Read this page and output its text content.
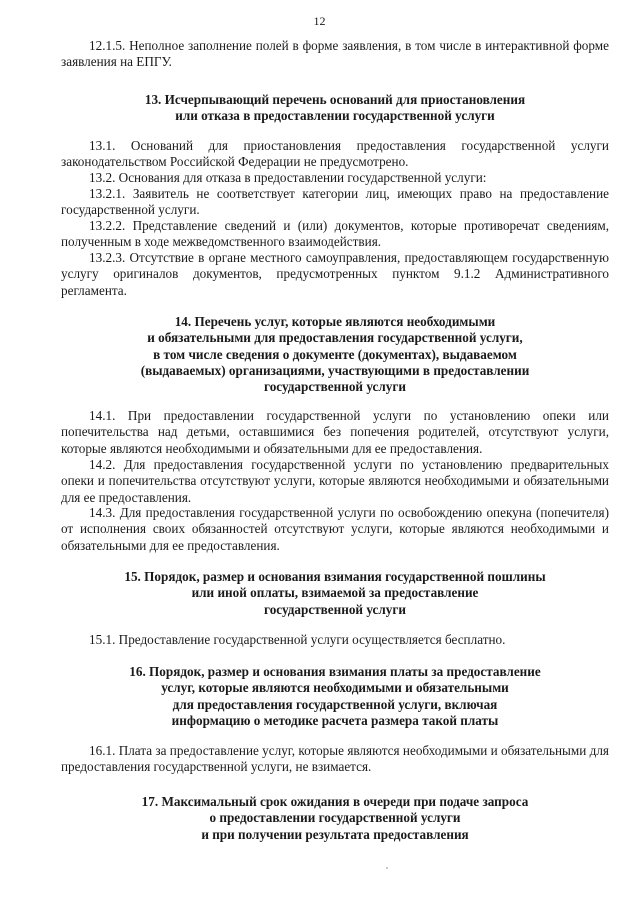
12

12.1.5. Неполное заполнение полей в форме заявления, в том числе в интерактивной форме заявления на ЕПГУ.

13. Исчерпывающий перечень оснований для приостановления
или отказа в предоставлении государственной услуги

13.1. Оснований для приостановления предоставления государственной услуги законодательством Российской Федерации не предусмотрено.

13.2. Основания для отказа в предоставлении государственной услуги:

13.2.1. Заявитель не соответствует категории лиц, имеющих право на предоставление государственной услуги.

13.2.2. Представление сведений и (или) документов, которые противоречат сведениям, полученным в ходе межведомственного взаимодействия.

13.2.3. Отсутствие в органе местного самоуправления, предоставляющем государственную услугу оригиналов документов, предусмотренных пунктом 9.1.2 Административного регламента.

14. Перечень услуг, которые являются необходимыми
и обязательными для предоставления государственной услуги,
в том числе сведения о документе (документах), выдаваемом
(выдаваемых) организациями, участвующими в предоставлении
государственной услуги

14.1. При предоставлении государственной услуги по установлению опеки или попечительства над детьми, оставшимися без попечения родителей, отсутствуют услуги, которые являются необходимыми и обязательными для ее предоставления.

14.2. Для предоставления государственной услуги по установлению предварительных опеки и попечительства отсутствуют услуги, которые являются необходимыми и обязательными для ее предоставления.

14.3. Для предоставления государственной услуги по освобождению опекуна (попечителя) от исполнения своих обязанностей отсутствуют услуги, которые являются необходимыми и обязательными для ее предоставления.

15. Порядок, размер и основания взимания государственной пошлины
или иной оплаты, взимаемой за предоставление
государственной услуги

15.1. Предоставление государственной услуги осуществляется бесплатно.

16. Порядок, размер и основания взимания платы за предоставление
услуг, которые являются необходимыми и обязательными
для предоставления государственной услуги, включая
информацию о методике расчета размера такой платы

16.1. Плата за предоставление услуг, которые являются необходимыми и обязательными для предоставления государственной услуги, не взимается.

17. Максимальный срок ожидания в очереди при подаче запроса
о предоставлении государственной услуги
и при получении результата предоставления
